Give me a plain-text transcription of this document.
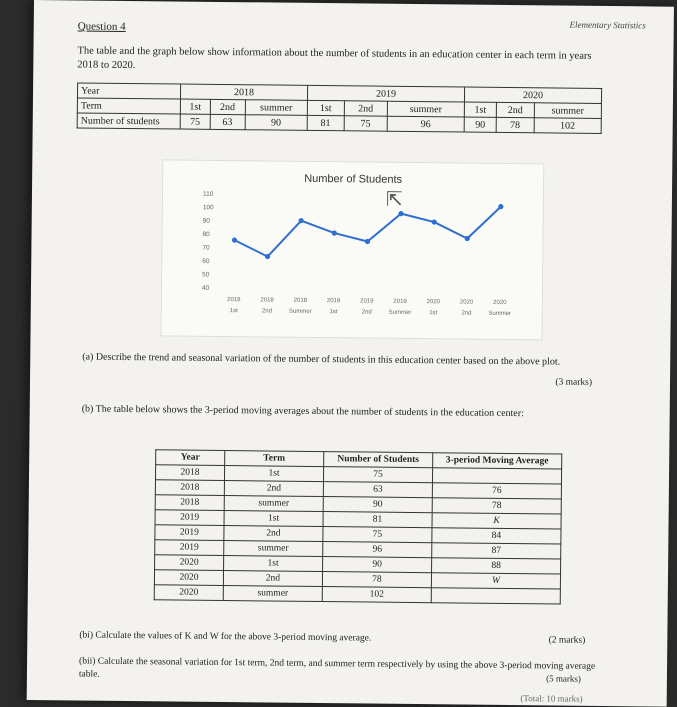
Elementary Statistics
Question 4
The table and the graph below show information about the number of students in an education center in each term in years 2018 to 2020.
Year	2018			2019			2020		
Term	1st	2nd	summer	1st	2nd	summer	1st	2nd	summer
Number of students	75	63	90	81	75	96	90	78	102
Number of Students
110
100
90
80
70
60
50
40
2018	2018	2018	2019	2019	2019	2020	2020	2020
1st	2nd	Summer	1st	2nd	Summer	1st	2nd	Summer
⇱
(a) Describe the trend and seasonal variation of the number of students in this education center based on the above plot.
(3 marks)
(b) The table below shows the 3-period moving averages about the number of students in the education center:
Year	Term	Number of Students	3-period Moving Average
2018	1st	75	
2018	2nd	63	76
2018	summer	90	78
2019	1st	81	K
2019	2nd	75	84
2019	summer	96	87
2020	1st	90	88
2020	2nd	78	W
2020	summer	102	
(bi) Calculate the values of K and W for the above 3-period moving average.	(2 marks)
(bii) Calculate the seasonal variation for 1st term, 2nd term, and summer term respectively by using the above 3-period moving average table.	(5 marks)
(Total: 10 marks)
